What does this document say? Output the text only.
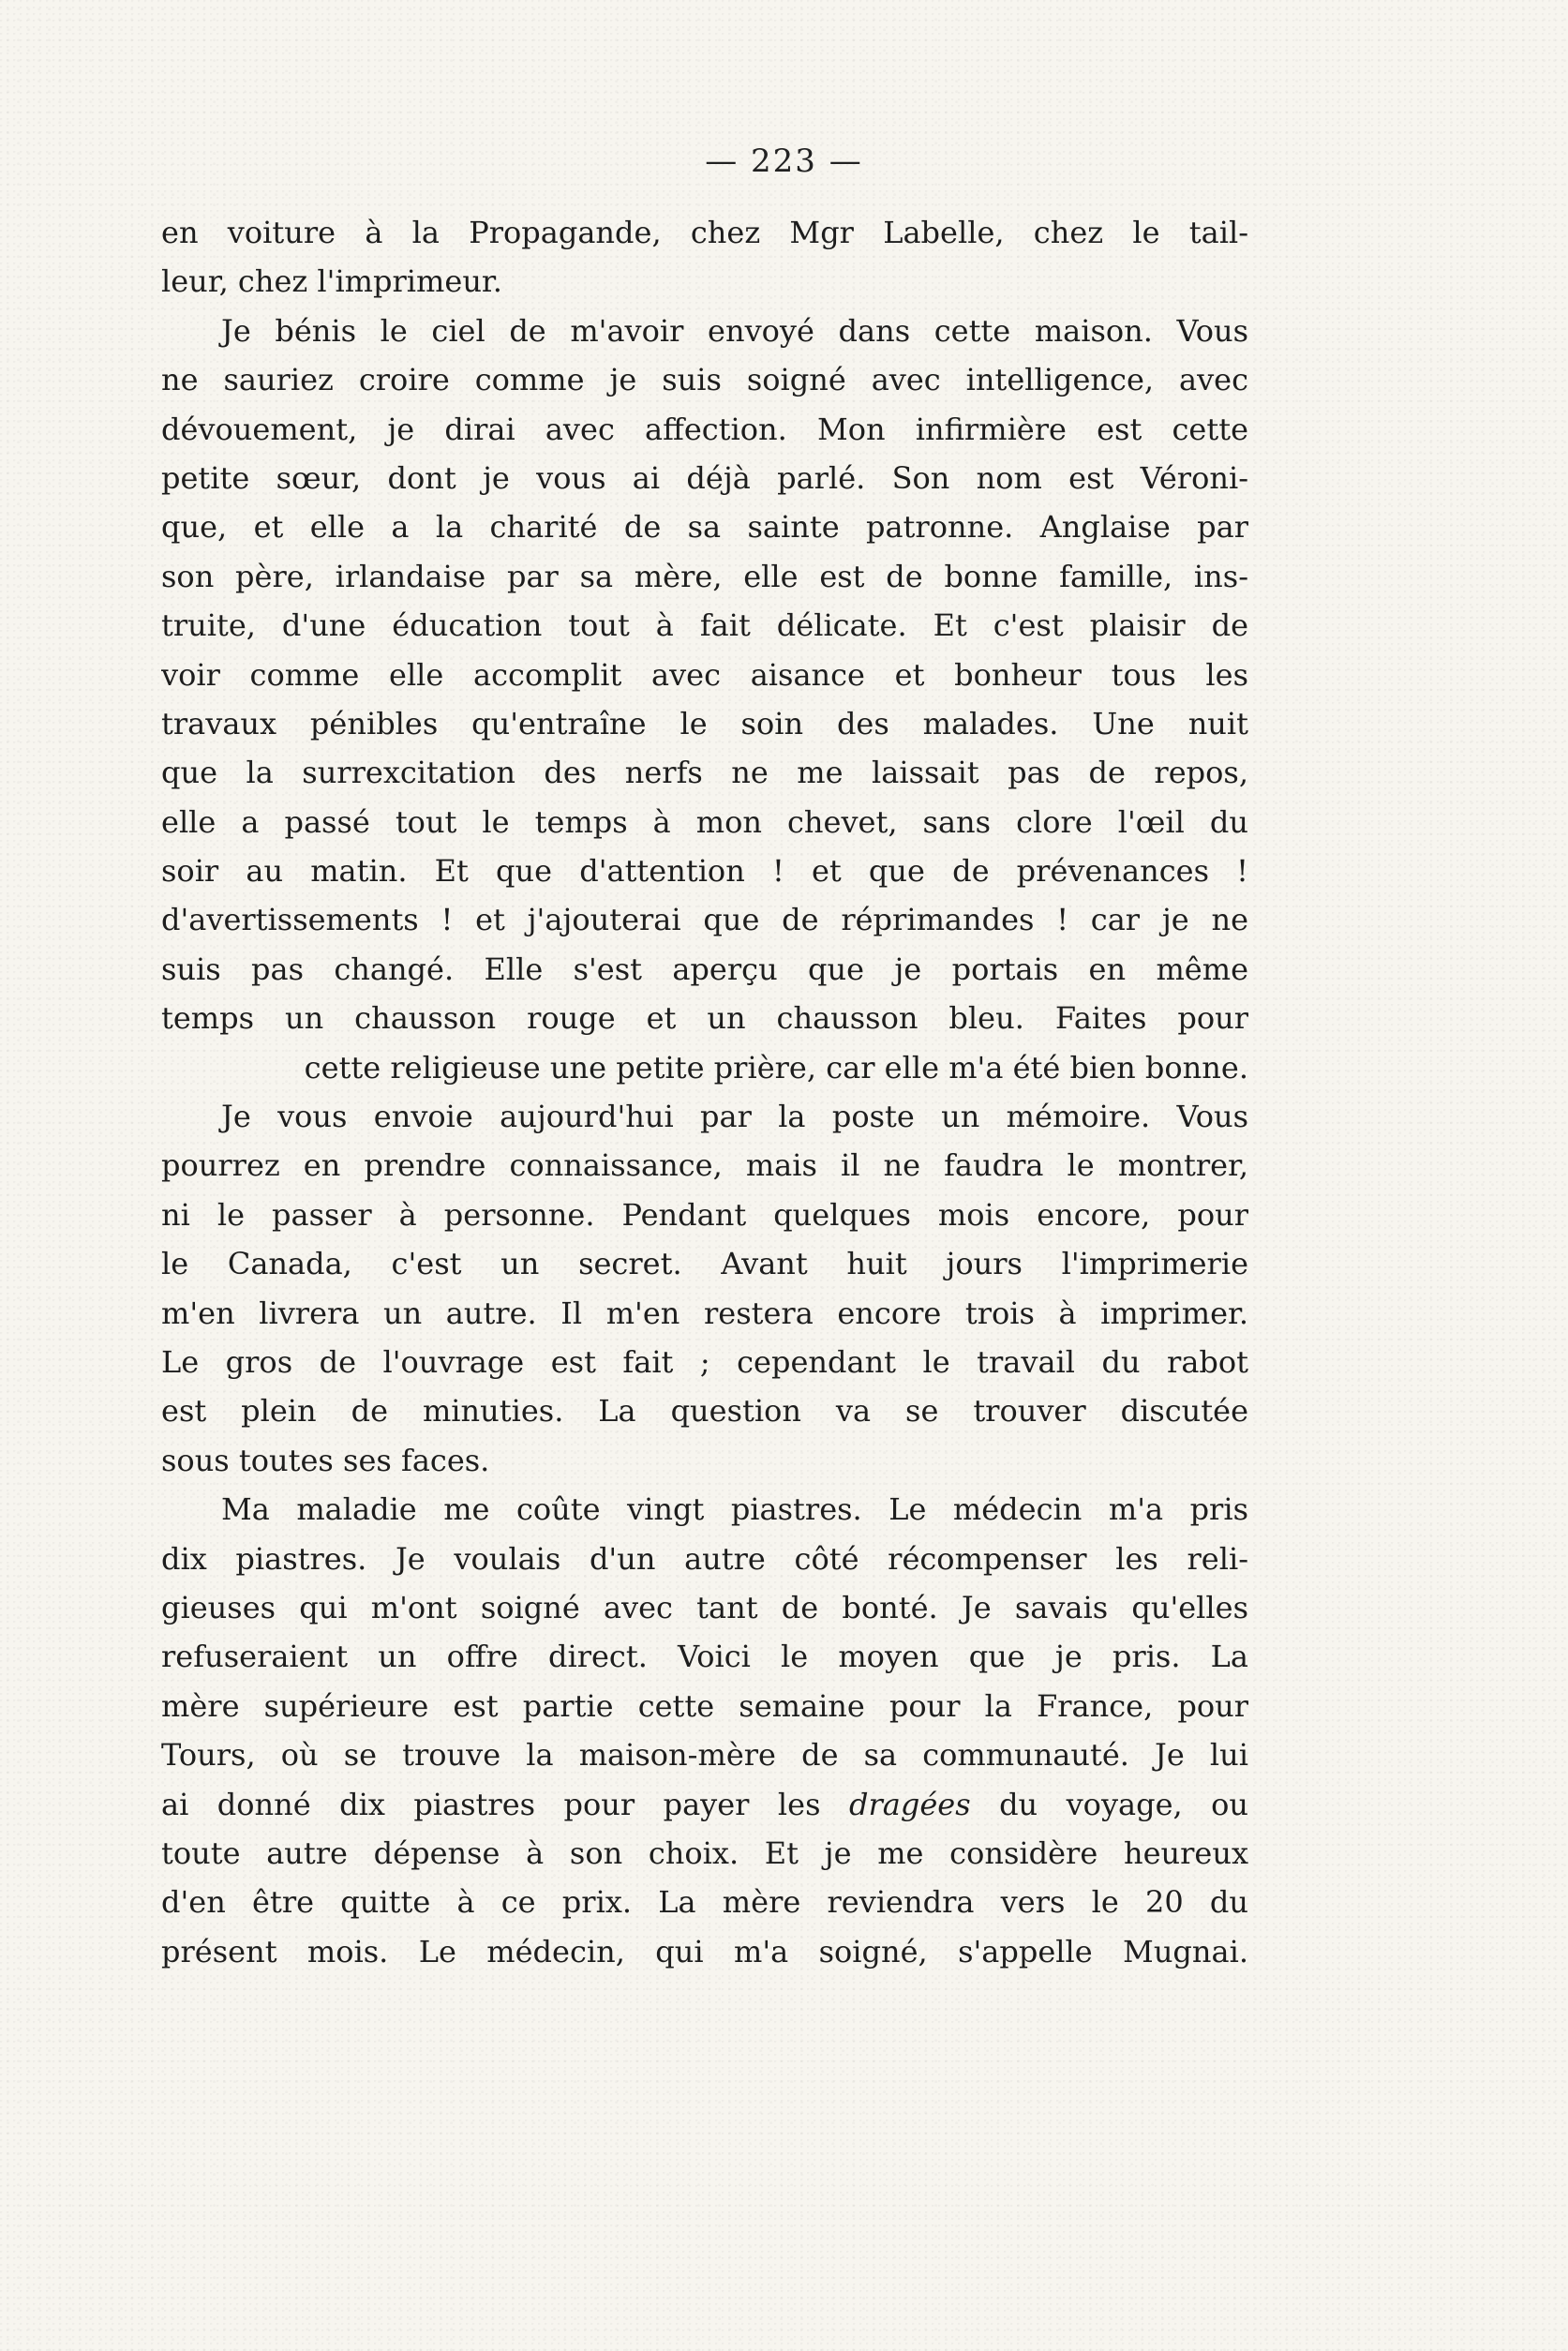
— 223 —
en voiture à la Propagande, chez Mgr Labelle, chez le tail-
leur, chez l'imprimeur.
Je bénis le ciel de m'avoir envoyé dans cette maison. Vous
ne sauriez croire comme je suis soigné avec intelligence, avec
dévouement, je dirai avec affection. Mon infirmière est cette
petite sœur, dont je vous ai déjà parlé. Son nom est Véroni-
que, et elle a la charité de sa sainte patronne. Anglaise par
son père, irlandaise par sa mère, elle est de bonne famille, ins-
truite, d'une éducation tout à fait délicate. Et c'est plaisir de
voir comme elle accomplit avec aisance et bonheur tous les
travaux pénibles qu'entraîne le soin des malades. Une nuit
que la surrexcitation des nerfs ne me laissait pas de repos,
elle a passé tout le temps à mon chevet, sans clore l'œil du
soir au matin. Et que d'attention ! et que de prévenances !
d'avertissements ! et j'ajouterai que de réprimandes ! car je ne
suis pas changé. Elle s'est aperçu que je portais en même
temps un chausson rouge et un chausson bleu. Faites pour
cette religieuse une petite prière, car elle m'a été bien bonne.
Je vous envoie aujourd'hui par la poste un mémoire. Vous
pourrez en prendre connaissance, mais il ne faudra le montrer,
ni le passer à personne. Pendant quelques mois encore, pour
le Canada, c'est un secret. Avant huit jours l'imprimerie
m'en livrera un autre. Il m'en restera encore trois à imprimer.
Le gros de l'ouvrage est fait ; cependant le travail du rabot
est plein de minuties. La question va se trouver discutée
sous toutes ses faces.
Ma maladie me coûte vingt piastres. Le médecin m'a pris
dix piastres. Je voulais d'un autre côté récompenser les reli-
gieuses qui m'ont soigné avec tant de bonté. Je savais qu'elles
refuseraient un offre direct. Voici le moyen que je pris. La
mère supérieure est partie cette semaine pour la France, pour
Tours, où se trouve la maison-mère de sa communauté. Je lui
ai donné dix piastres pour payer les dragées du voyage, ou
toute autre dépense à son choix. Et je me considère heureux
d'en être quitte à ce prix. La mère reviendra vers le 20 du
présent mois. Le médecin, qui m'a soigné, s'appelle Mugnai.
